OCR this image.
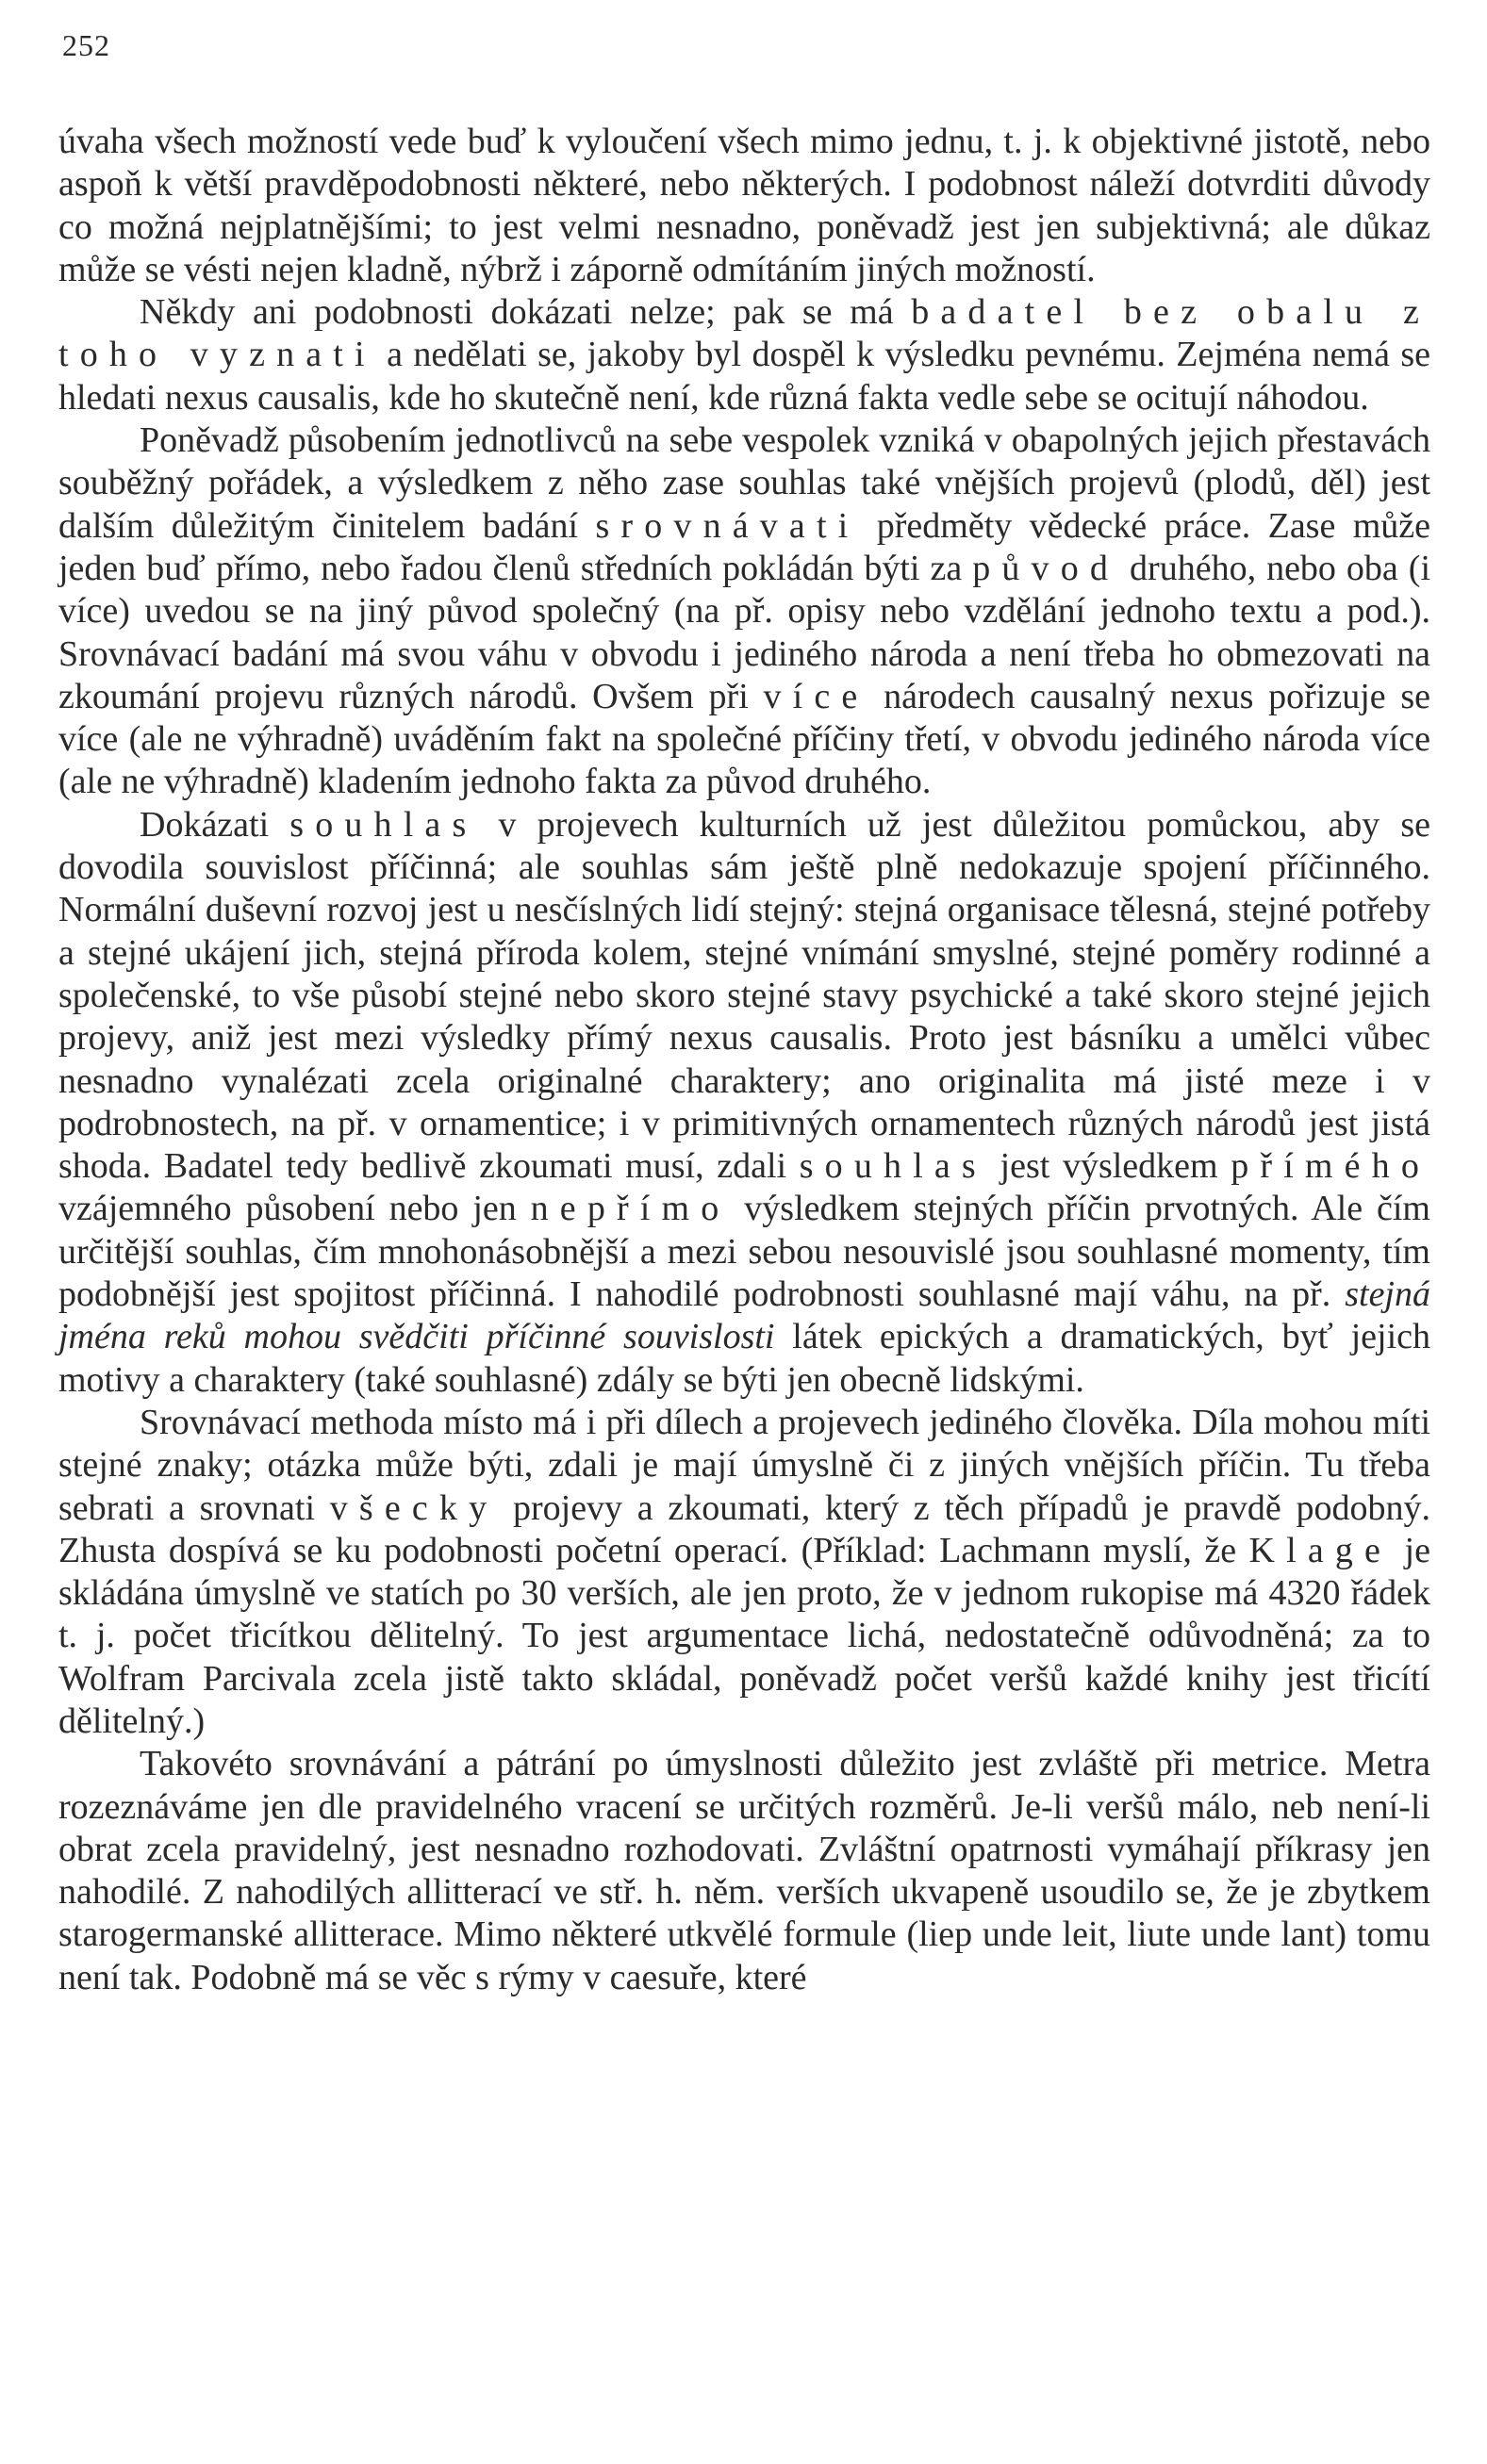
252

úvaha všech možností vede buď k vyloučení všech mimo jednu, t. j. k objektivné jistotě, nebo aspoň k větší pravděpodobnosti některé, nebo některých. I podobnost náleží dotvrditi důvody co možná nejplatnějšími; to jest velmi nesnadno, poněvadž jest jen subjektivná; ale důkaz může se vésti nejen kladně, nýbrž i záporně odmítáním jiných možností.

Někdy ani podobnosti dokázati nelze; pak se má badatel bez obalu z toho vyznati a nedělati se, jakoby byl dospěl k výsledku pevnému. Zejména nemá se hledati nexus causalis, kde ho skutečně není, kde různá fakta vedle sebe se ocitují náhodou.

Poněvadž působením jednotlivců na sebe vespolek vzniká v obapolných jejich přestavách souběžný pořádek, a výsledkem z něho zase souhlas také vnějších projevů (plodů, děl) jest dalším důležitým činitelem badání srovnávati předměty vědecké práce. Zase může jeden buď přímo, nebo řadou členů středních pokládán býti za původ druhého, nebo oba (i více) uvedou se na jiný původ společný (na př. opisy nebo vzdělání jednoho textu a pod.). Srovnávací badání má svou váhu v obvodu i jediného národa a není třeba ho obmezovati na zkoumání projevu různých národů. Ovšem při více národech causalný nexus pořizuje se více (ale ne výhradně) uváděním fakt na společné příčiny třetí, v obvodu jediného národa více (ale ne výhradně) kladením jednoho fakta za původ druhého.

Dokázati souhlas v projevech kulturních už jest důležitou pomůckou, aby se dovodila souvislost příčinná; ale souhlas sám ještě plně nedokazuje spojení příčinného. Normální duševní rozvoj jest u nesčíslných lidí stejný: stejná organisace tělesná, stejné potřeby a stejné ukájení jich, stejná příroda kolem, stejné vnímání smyslné, stejné poměry rodinné a společenské, to vše působí stejné nebo skoro stejné stavy psychické a také skoro stejné jejich projevy, aniž jest mezi výsledky přímý nexus causalis. Proto jest básníku a umělci vůbec nesnadno vynalézati zcela originalné charaktery; ano originalita má jisté meze i v podrobnostech, na př. v ornamentice; i v primitivných ornamentech různých národů jest jistá shoda. Badatel tedy bedlivě zkoumati musí, zdali souhlas jest výsledkem přímého vzájemného působení nebo jen nepřímo výsledkem stejných příčin prvotných. Ale čím určitější souhlas, čím mnohonásobnější a mezi sebou nesouvislé jsou souhlasné momenty, tím podobnější jest spojitost příčinná. I nahodilé podrobnosti souhlasné mají váhu, na př. stejná jména reků mohou svědčiti příčinné souvislosti látek epických a dramatických, byť jejich motivy a charaktery (také souhlasné) zdály se býti jen obecně lidskými.

Srovnávací methoda místo má i při dílech a projevech jediného člověka. Díla mohou míti stejné znaky; otázka může býti, zdali je mají úmyslně či z jiných vnějších příčin. Tu třeba sebrati a srovnati všecky projevy a zkoumati, který z těch případů je pravdě podobný. Zhusta dospívá se ku podobnosti početní operací. (Příklad: Lachmann myslí, že Klage je skládána úmyslně ve statích po 30 verších, ale jen proto, že v jednom rukopise má 4320 řádek t. j. počet třicítkou dělitelný. To jest argumentace lichá, nedostatečně odůvodněná; za to Wolfram Parcivala zcela jistě takto skládal, poněvadž počet veršů každé knihy jest třicítí dělitelný.)

Takovéto srovnávání a pátrání po úmyslnosti důležito jest zvláště při metrice. Metra rozeznáváme jen dle pravidelného vracení se určitých rozměrů. Je-li veršů málo, neb není-li obrat zcela pravidelný, jest nesnadno rozhodovati. Zvláštní opatrnosti vymáhají příkrasy jen nahodilé. Z nahodilých allitterací ve stř. h. něm. verších ukvapeně usoudilo se, že je zbytkem starogermanské allitterace. Mimo některé utkvělé formule (liep unde leit, liute unde lant) tomu není tak. Podobně má se věc s rýmy v caesuře, které
